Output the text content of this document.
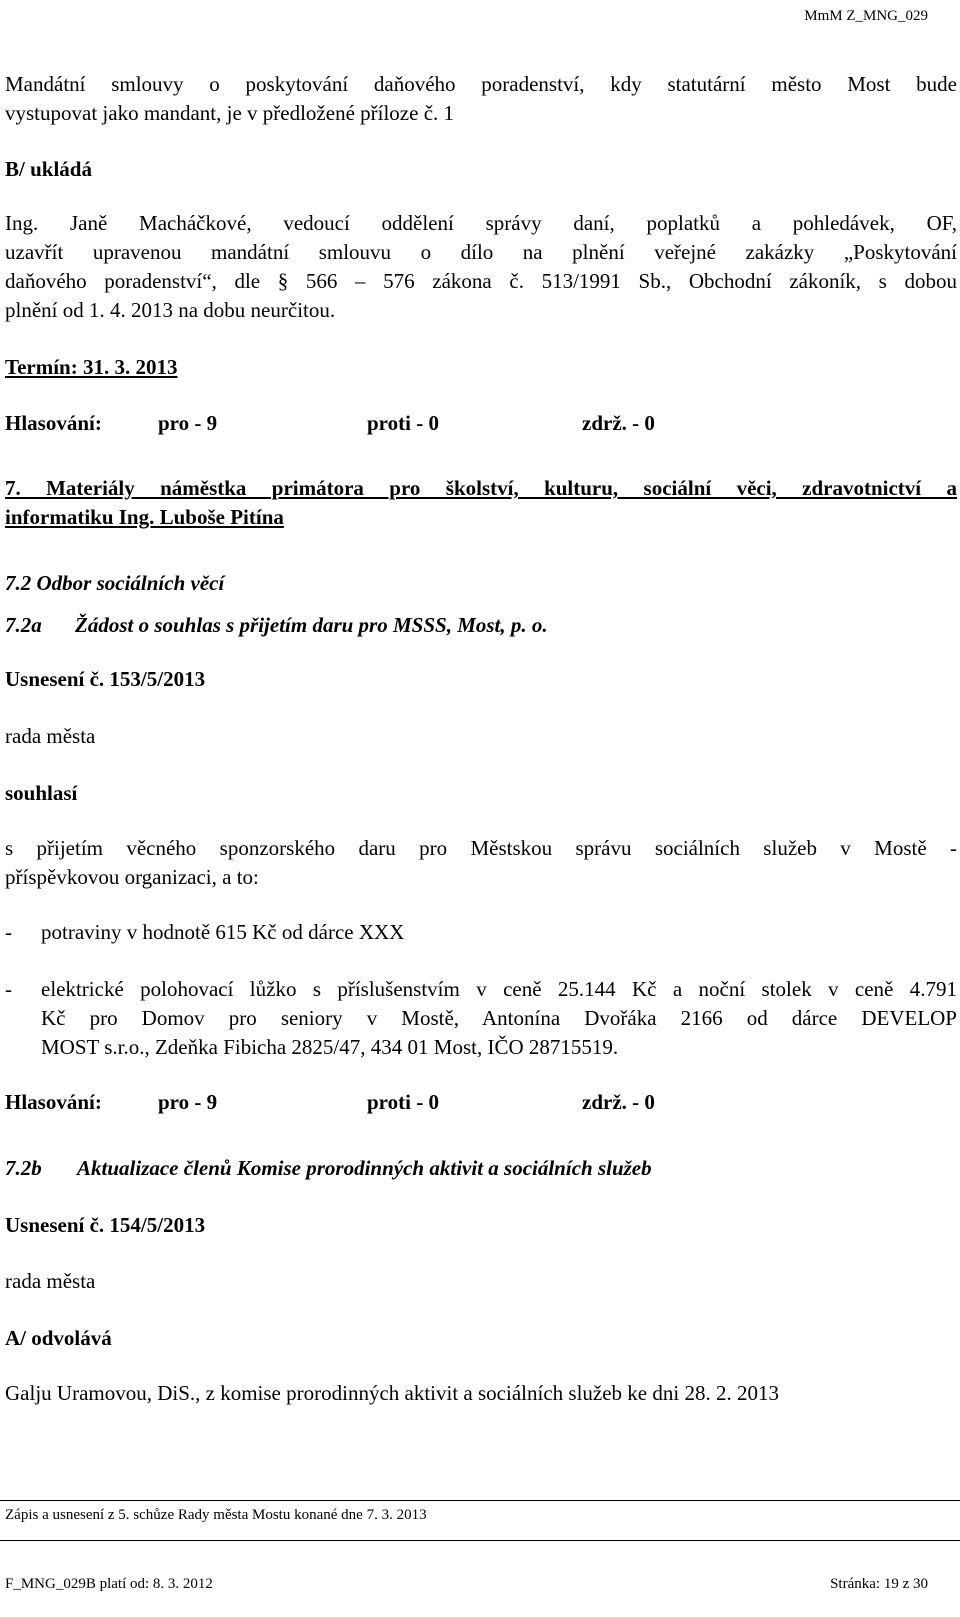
MmM Z_MNG_029
Mandátní smlouvy o poskytování daňového poradenství, kdy statutární město Most bude
vystupovat jako mandant, je v předložené příloze č. 1
B/ ukládá
Ing. Janě Macháčkové, vedoucí oddělení správy daní, poplatků a pohledávek, OF,
uzavřít upravenou mandátní smlouvu o dílo na plnění veřejné zakázky „Poskytování
daňového poradenství“, dle § 566 – 576 zákona č. 513/1991 Sb., Obchodní zákoník, s dobou
plnění od 1. 4. 2013 na dobu neurčitou.
Termín: 31. 3. 2013
Hlasování:	pro - 9	proti - 0	zdrž. - 0
7. Materiály náměstka primátora pro školství, kulturu, sociální věci, zdravotnictví a
informatiku Ing. Luboše Pitína
7.2 Odbor sociálních věcí
7.2a Žádost o souhlas s přijetím daru pro MSSS, Most, p. o.
Usnesení č. 153/5/2013
rada města
souhlasí
s přijetím věcného sponzorského daru pro Městskou správu sociálních služeb v Mostě -
příspěvkovou organizaci, a to:
- potraviny v hodnotě 615 Kč od dárce XXX
- elektrické polohovací lůžko s příslušenstvím v ceně 25.144 Kč a noční stolek v ceně 4.791
Kč pro Domov pro seniory v Mostě, Antonína Dvořáka 2166 od dárce DEVELOP
MOST s.r.o., Zdeňka Fibicha 2825/47, 434 01 Most, IČO 28715519.
Hlasování:	pro - 9	proti - 0	zdrž. - 0
7.2b Aktualizace členů Komise prorodinných aktivit a sociálních služeb
Usnesení č. 154/5/2013
rada města
A/ odvolává
Galju Uramovou, DiS., z komise prorodinných aktivit a sociálních služeb ke dni 28. 2. 2013
Zápis a usnesení z 5. schůze Rady města Mostu konané dne 7. 3. 2013
F_MNG_029B platí od: 8. 3. 2012	Stránka: 19 z 30
